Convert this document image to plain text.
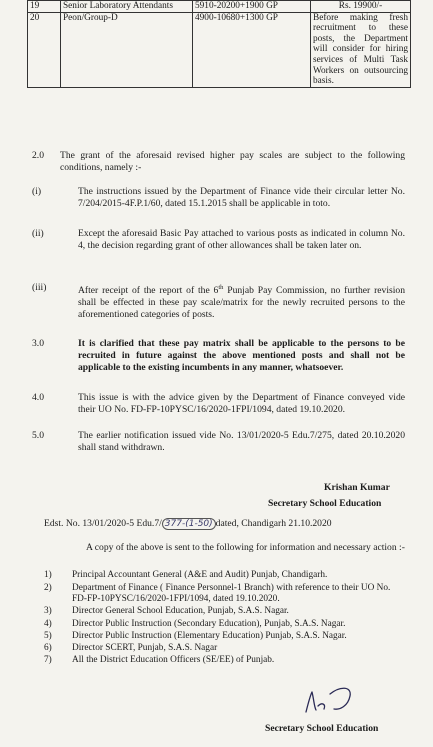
19	Senior Laboratory Attendants	5910-20200+1900 GP	Rs. 19900/-

20	Peon/Group-D	4900-10680+1300 GP	Before making fresh recruitment to these posts, the Department will consider for hiring services of Multi Task Workers on outsourcing basis.
2.0 The grant of the aforesaid revised higher pay scales are subject to the following conditions, namely :-
(i)	The instructions issued by the Department of Finance vide their circular letter No. 7/204/2015-4F.P.1/60, dated 15.1.2015 shall be applicable in toto.
(ii)	Except the aforesaid Basic Pay attached to various posts as indicated in column No. 4, the decision regarding grant of other allowances shall be taken later on.
(iii)	After receipt of the report of the 6th Punjab Pay Commission, no further revision shall be effected in these pay scale/matrix for the newly recruited persons to the aforementioned categories of posts.
3.0	It is clarified that these pay matrix shall be applicable to the persons to be recruited in future against the above mentioned posts and shall not be applicable to the existing incumbents in any manner, whatsoever.
4.0	This issue is with the advice given by the Department of Finance conveyed vide their UO No. FD-FP-10PYSC/16/2020-1FPI/1094, dated 19.10.2020.
5.0	The earlier notification issued vide No. 13/01/2020-5 Edu.7/275, dated 20.10.2020 shall stand withdrawn.
Krishan Kumar
Secretary School Education
Edst. No. 13/01/2020-5 Edu.7/ 377-(1-50) dated, Chandigarh 21.10.2020
A copy of the above is sent to the following for information and necessary action :-
1) Principal Accountant General (A&E and Audit) Punjab, Chandigarh.
2) Department of Finance ( Finance Personnel-1 Branch) with reference to their UO No. FD-FP-10PYSC/16/2020-1FPI/1094, dated 19.10.2020.
3) Director General School Education, Punjab, S.A.S. Nagar.
4) Director Public Instruction (Secondary Education), Punjab, S.A.S. Nagar.
5) Director Public Instruction (Elementary Education) Punjab, S.A.S. Nagar.
6) Director SCERT, Punjab, S.A.S. Nagar
7) All the District Education Officers (SE/EE) of Punjab.
Secretary School Education
